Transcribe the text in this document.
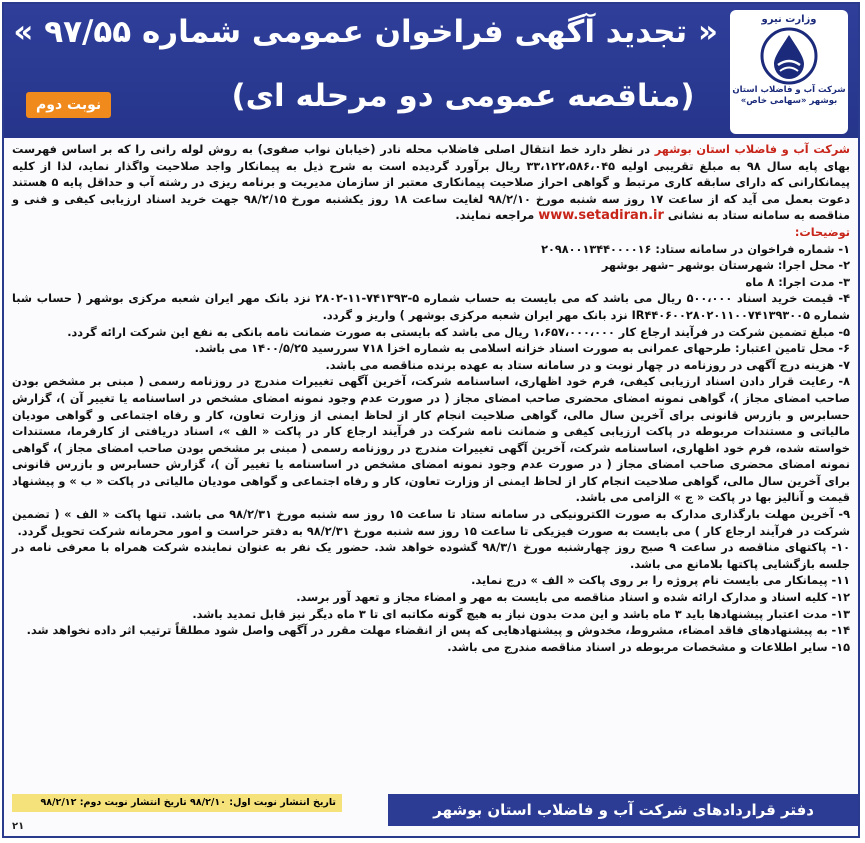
وزارت نیرو
شرکت آب و فاضلاب استان بوشهر «سهامی خاص»
« تجدید آگهی فراخوان عمومی شماره ۹۷/۵۵ »
(مناقصه عمومی دو مرحله ای)
نوبت دوم

شرکت آب و فاضلاب استان بوشهر در نظر دارد خط انتقال اصلی فاضلاب محله نادر (خیابان نواب صفوی) به روش لوله رانی را که بر اساس فهرست بهای پایه سال ۹۸ به مبلغ تقریبی اولیه ۳۳،۱۲۲،۵۸۶،۰۴۵ ریال برآورد گردیده است به شرح ذیل به پیمانکار واجد صلاحیت واگذار نماید، لذا از کلیه پیمانکارانی که دارای سابقه کاری مرتبط و گواهی احراز صلاحیت پیمانکاری معتبر از سازمان مدیریت و برنامه ریزی در رشته آب و حداقل پایه ۵ هستند دعوت بعمل می آید که از ساعت ۱۷ روز سه شنبه مورخ ۹۸/۲/۱۰ لغایت ساعت ۱۸ روز یکشنبه مورخ ۹۸/۲/۱۵ جهت خرید اسناد ارزیابی کیفی و فنی و مناقصه به سامانه ستاد به نشانی www.setadiran.ir مراجعه نمایند.

توضیحات:

۱- شماره فراخوان در سامانه ستاد: ۲۰۹۸۰۰۱۳۴۴۰۰۰۰۱۶

۲- محل اجرا: شهرستان بوشهر –شهر بوشهر

۳- مدت اجرا: ۸ ماه

۴- قیمت خرید اسناد ۵۰۰،۰۰۰ ریال می باشد که می بایست به حساب شماره ۵-۷۴۱۳۹۳-۱۱-۲۸۰۲ نزد بانک مهر ایران شعبه مرکزی بوشهر ( حساب شبا شماره IR۴۴۰۶۰۰۲۸۰۲۰۱۱۰۰۷۴۱۳۹۳۰۰۵ نزد بانک مهر ایران شعبه مرکزی بوشهر ) واریز و گردد.

۵- مبلغ تضمین شرکت در فرآیند ارجاع کار ۱،۶۵۷،۰۰۰،۰۰۰ ریال می باشد که بایستی به صورت ضمانت نامه بانکی به نفع این شرکت ارائه گردد.

۶- محل تامین اعتبار: طرحهای عمرانی به صورت اسناد خزانه اسلامی به شماره اخزا ۷۱۸ سررسید ۱۴۰۰/۵/۲۵ می باشد.

۷- هزینه درج آگهی در روزنامه در چهار نوبت و در سامانه ستاد به عهده برنده مناقصه می باشد.

۸- رعایت قرار دادن اسناد ارزیابی کیفی، فرم خود اظهاری، اساسنامه شرکت، آخرین آگهی تغییرات مندرج در روزنامه رسمی ( مبنی بر مشخص بودن صاحب امضای مجاز )، گواهی نمونه امضای محضری صاحب امضای مجاز ( در صورت عدم وجود نمونه امضای مشخص در اساسنامه یا تغییر آن )، گزارش حسابرس و بازرس قانونی برای آخرین سال مالی، گواهی صلاحیت انجام کار از لحاظ ایمنی از وزارت تعاون، کار و رفاه اجتماعی و گواهی مودیان مالیاتی و مستندات مربوطه در پاکت ارزیابی کیفی و ضمانت نامه شرکت در فرآیند ارجاع کار در پاکت « الف »، اسناد دریافتی از کارفرما، مستندات خواسته شده، فرم خود اظهاری، اساسنامه شرکت، آخرین آگهی تغییرات مندرج در روزنامه رسمی ( مبنی بر مشخص بودن صاحب امضای مجاز )، گواهی نمونه امضای محضری صاحب امضای مجاز ( در صورت عدم وجود نمونه امضای مشخص در اساسنامه یا تغییر آن )، گزارش حسابرس و بازرس قانونی برای آخرین سال مالی، گواهی صلاحیت انجام کار از لحاظ ایمنی از وزارت تعاون، کار و رفاه اجتماعی و گواهی مودیان مالیاتی در پاکت « ب » و پیشنهاد قیمت و آنالیز بها در پاکت « ج » الزامی می باشد.

۹- آخرین مهلت بارگذاری مدارک به صورت الکترونیکی در سامانه ستاد تا ساعت ۱۵ روز سه شنبه مورخ ۹۸/۲/۳۱ می باشد. تنها پاکت « الف » ( تضمین شرکت در فرآیند ارجاع کار ) می بایست به صورت فیزیکی تا ساعت ۱۵ روز سه شنبه مورخ ۹۸/۲/۳۱ به دفتر حراست و امور محرمانه شرکت تحویل گردد.

۱۰- پاکتهای مناقصه در ساعت ۹ صبح روز چهارشنبه مورخ ۹۸/۳/۱ گشوده خواهد شد. حضور یک نفر به عنوان نماینده شرکت همراه با معرفی نامه در جلسه بازگشایی پاکتها بلامانع می باشد.

۱۱- پیمانکار می بایست نام پروژه را بر روی پاکت « الف » درج نماید.

۱۲- کلیه اسناد و مدارک ارائه شده و اسناد مناقصه می بایست به مهر و امضاء مجاز و تعهد آور برسد.

۱۳- مدت اعتبار پیشنهادها باید ۳ ماه باشد و این مدت بدون نیاز به هیچ گونه مکاتبه ای تا ۳ ماه دیگر نیز قابل تمدید باشد.

۱۴- به پیشنهادهای فاقد امضاء، مشروط، مخدوش و پیشنهادهایی که پس از انقضاء مهلت مقرر در آگهی واصل شود مطلقاً ترتیب اثر داده نخواهد شد.

۱۵- سایر اطلاعات و مشخصات مربوطه در اسناد مناقصه مندرج می باشد.

دفتر قراردادهای شرکت آب و فاضلاب استان بوشهر
تاریخ انتشار نوبت اول: ۹۸/۲/۱۰ تاریخ انتشار نوبت دوم: ۹۸/۲/۱۲
۲۱
